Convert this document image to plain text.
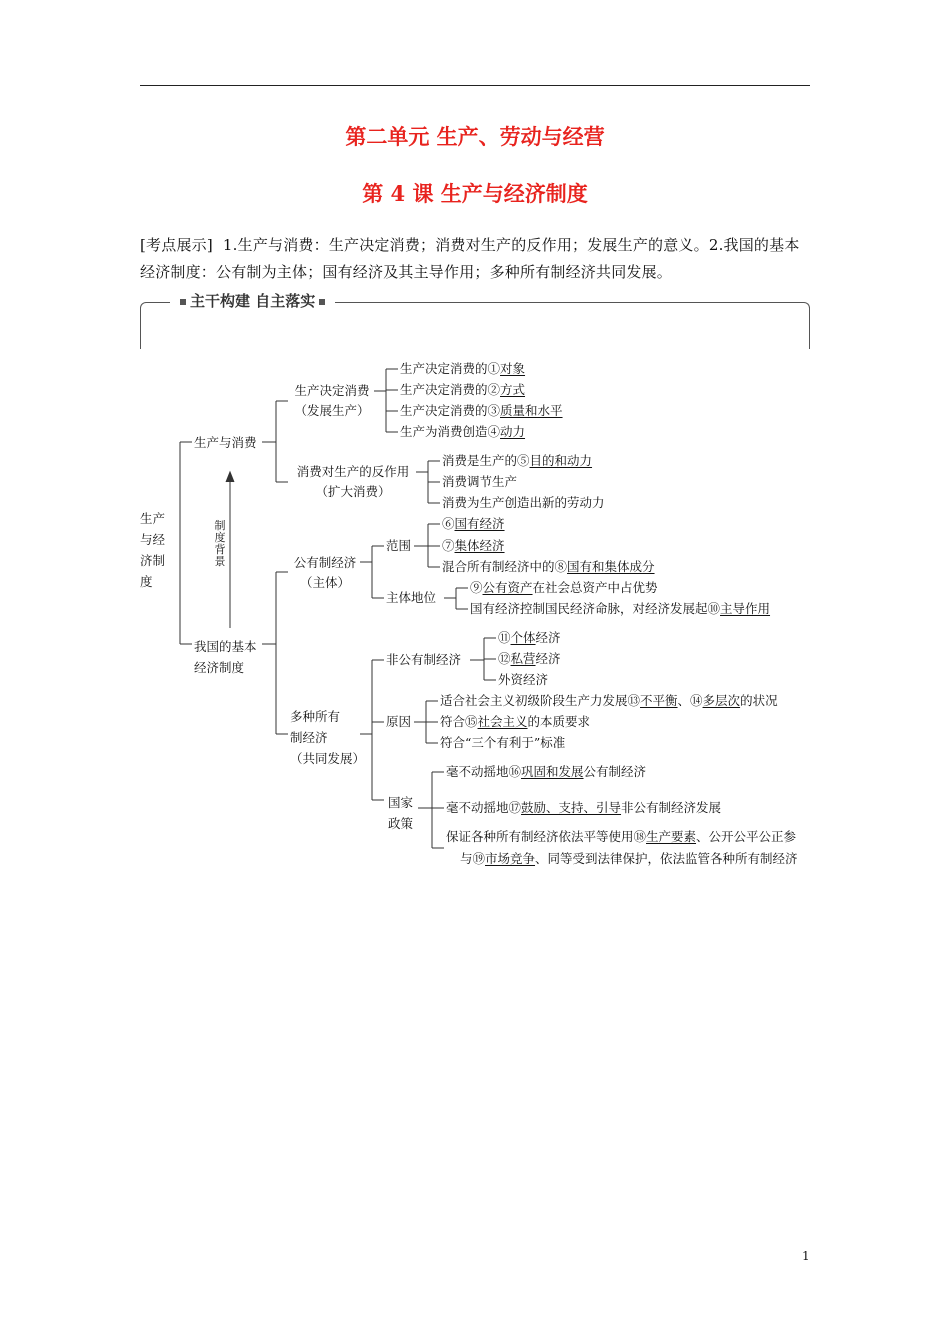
第二单元 生产、劳动与经营
第 4 课 生产与经济制度
[考点展示] 1.生产与消费：生产决定消费；消费对生产的反作用；发展生产的意义。2.我国的基本经济制度：公有制为主体；国有经济及其主导作用；多种所有制经济共同发展。
主干构建 自主落实
生产与经济制度
制度背景
生产与消费
生产决定消费
（发展生产）
生产决定消费的①对象
生产决定消费的②方式
生产决定消费的③质量和水平
生产为消费创造④动力
消费对生产的反作用
（扩大消费）
消费是生产的⑤目的和动力
消费调节生产
消费为生产创造出新的劳动力
我国的基本
经济制度
公有制经济
（主体）
范围
⑥国有经济
⑦集体经济
混合所有制经济中的⑧国有和集体成分
主体地位
⑨公有资产在社会总资产中占优势
国有经济控制国民经济命脉，对经济发展起⑩主导作用
多种所有
制经济
（共同发展）
非公有制经济
⑪个体经济
⑫私营经济
外资经济
原因
适合社会主义初级阶段生产力发展⑬不平衡、⑭多层次的状况
符合⑮社会主义的本质要求
符合“三个有利于”标准
国家
政策
毫不动摇地⑯巩固和发展公有制经济
毫不动摇地⑰鼓励、支持、引导非公有制经济发展
保证各种所有制经济依法平等使用⑱生产要素、公开公平公正参
与⑲市场竞争、同等受到法律保护，依法监管各种所有制经济
1
